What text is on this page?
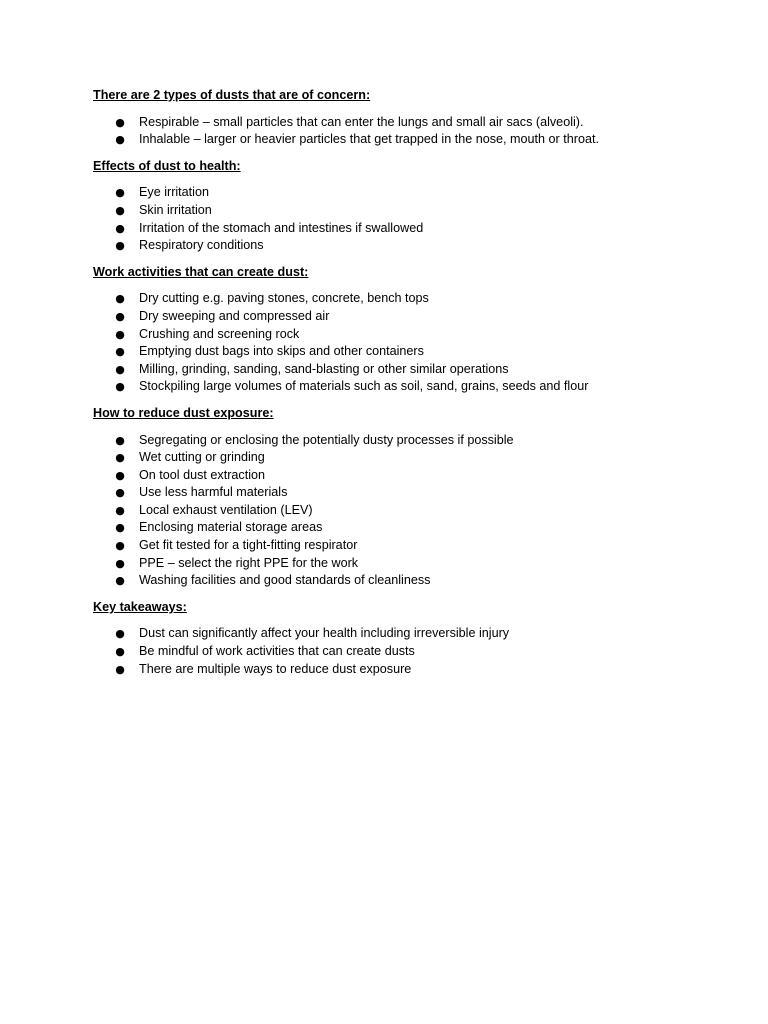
There are 2 types of dusts that are of concern:

● Respirable – small particles that can enter the lungs and small air sacs (alveoli).
● Inhalable – larger or heavier particles that get trapped in the nose, mouth or throat.

Effects of dust to health:

● Eye irritation
● Skin irritation
● Irritation of the stomach and intestines if swallowed
● Respiratory conditions

Work activities that can create dust:

● Dry cutting e.g. paving stones, concrete, bench tops
● Dry sweeping and compressed air
● Crushing and screening rock
● Emptying dust bags into skips and other containers
● Milling, grinding, sanding, sand-blasting or other similar operations
● Stockpiling large volumes of materials such as soil, sand, grains, seeds and flour

How to reduce dust exposure:

● Segregating or enclosing the potentially dusty processes if possible
● Wet cutting or grinding
● On tool dust extraction
● Use less harmful materials
● Local exhaust ventilation (LEV)
● Enclosing material storage areas
● Get fit tested for a tight-fitting respirator
● PPE – select the right PPE for the work
● Washing facilities and good standards of cleanliness

Key takeaways:

● Dust can significantly affect your health including irreversible injury
● Be mindful of work activities that can create dusts
● There are multiple ways to reduce dust exposure
